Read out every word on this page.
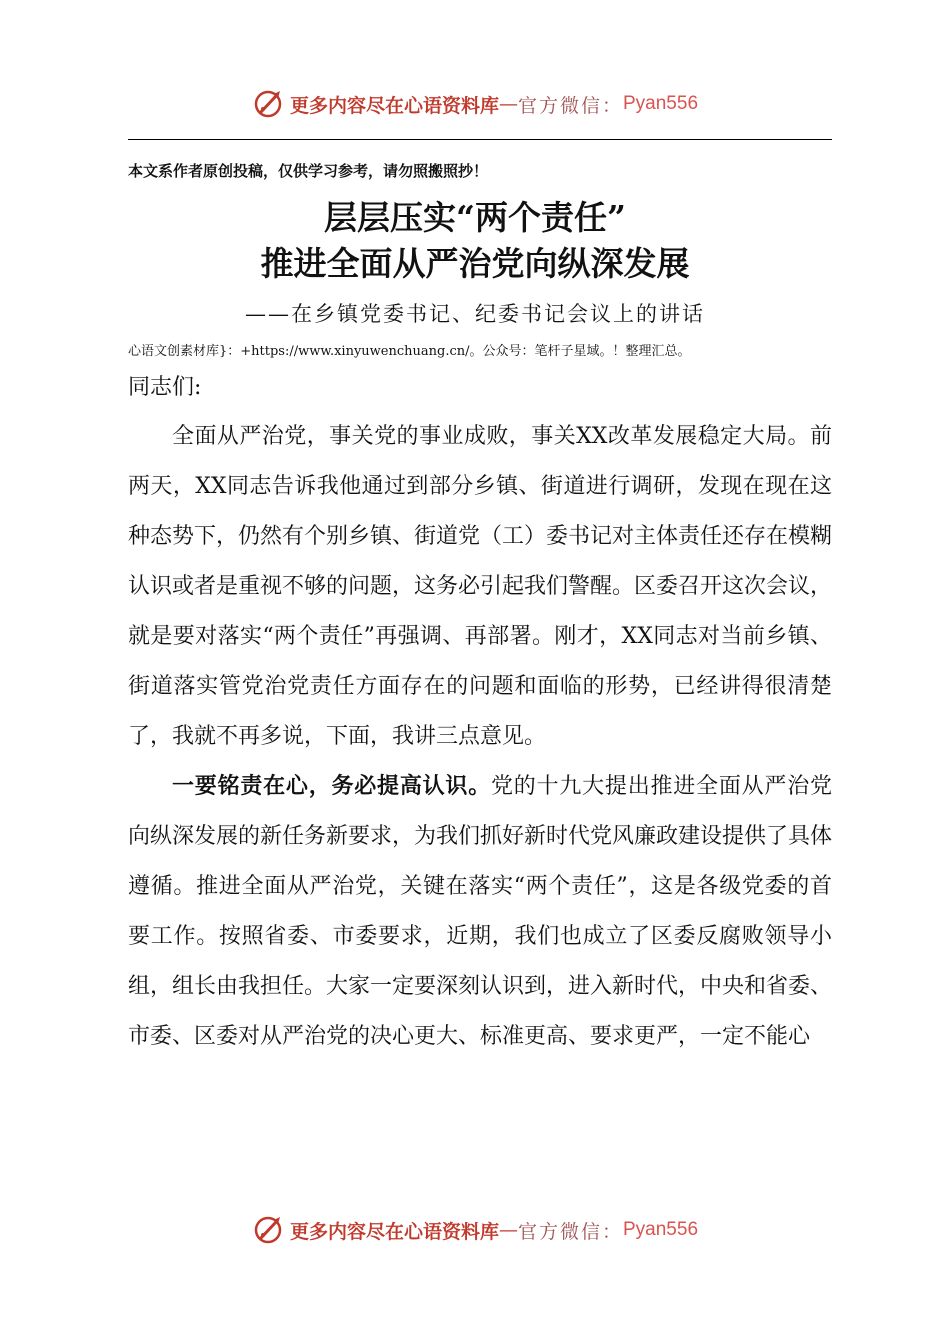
更多内容尽在心语资料库 — 官方微信： Pyan556
本文系作者原创投稿，仅供学习参考，请勿照搬照抄！
层层压实“两个责任”
推进全面从严治党向纵深发展
——在乡镇党委书记、纪委书记会议上的讲话
心语文创素材库}：+https://www.xinyuwenchuang.cn/。公众号：笔杆子星域。！整理汇总。
同志们:

全面从严治党，事关党的事业成败，事关XX改革发展稳定大局。前两天，XX同志告诉我他通过到部分乡镇、街道进行调研，发现在现在这种态势下，仍然有个别乡镇、街道党（工）委书记对主体责任还存在模糊认识或者是重视不够的问题，这务必引起我们警醒。区委召开这次会议，就是要对落实“两个责任”再强调、再部署。刚才，XX同志对当前乡镇、街道落实管党治党责任方面存在的问题和面临的形势，已经讲得很清楚了，我就不再多说，下面，我讲三点意见。

一要铭责在心，务必提高认识。党的十九大提出推进全面从严治党向纵深发展的新任务新要求，为我们抓好新时代党风廉政建设提供了具体遵循。推进全面从严治党，关键在落实“两个责任”，这是各级党委的首要工作。按照省委、市委要求，近期，我们也成立了区委反腐败领导小组，组长由我担任。大家一定要深刻认识到，进入新时代，中央和省委、市委、区委对从严治党的决心更大、标准更高、要求更严，一定不能心

更多内容尽在心语资料库 — 官方微信： Pyan556
